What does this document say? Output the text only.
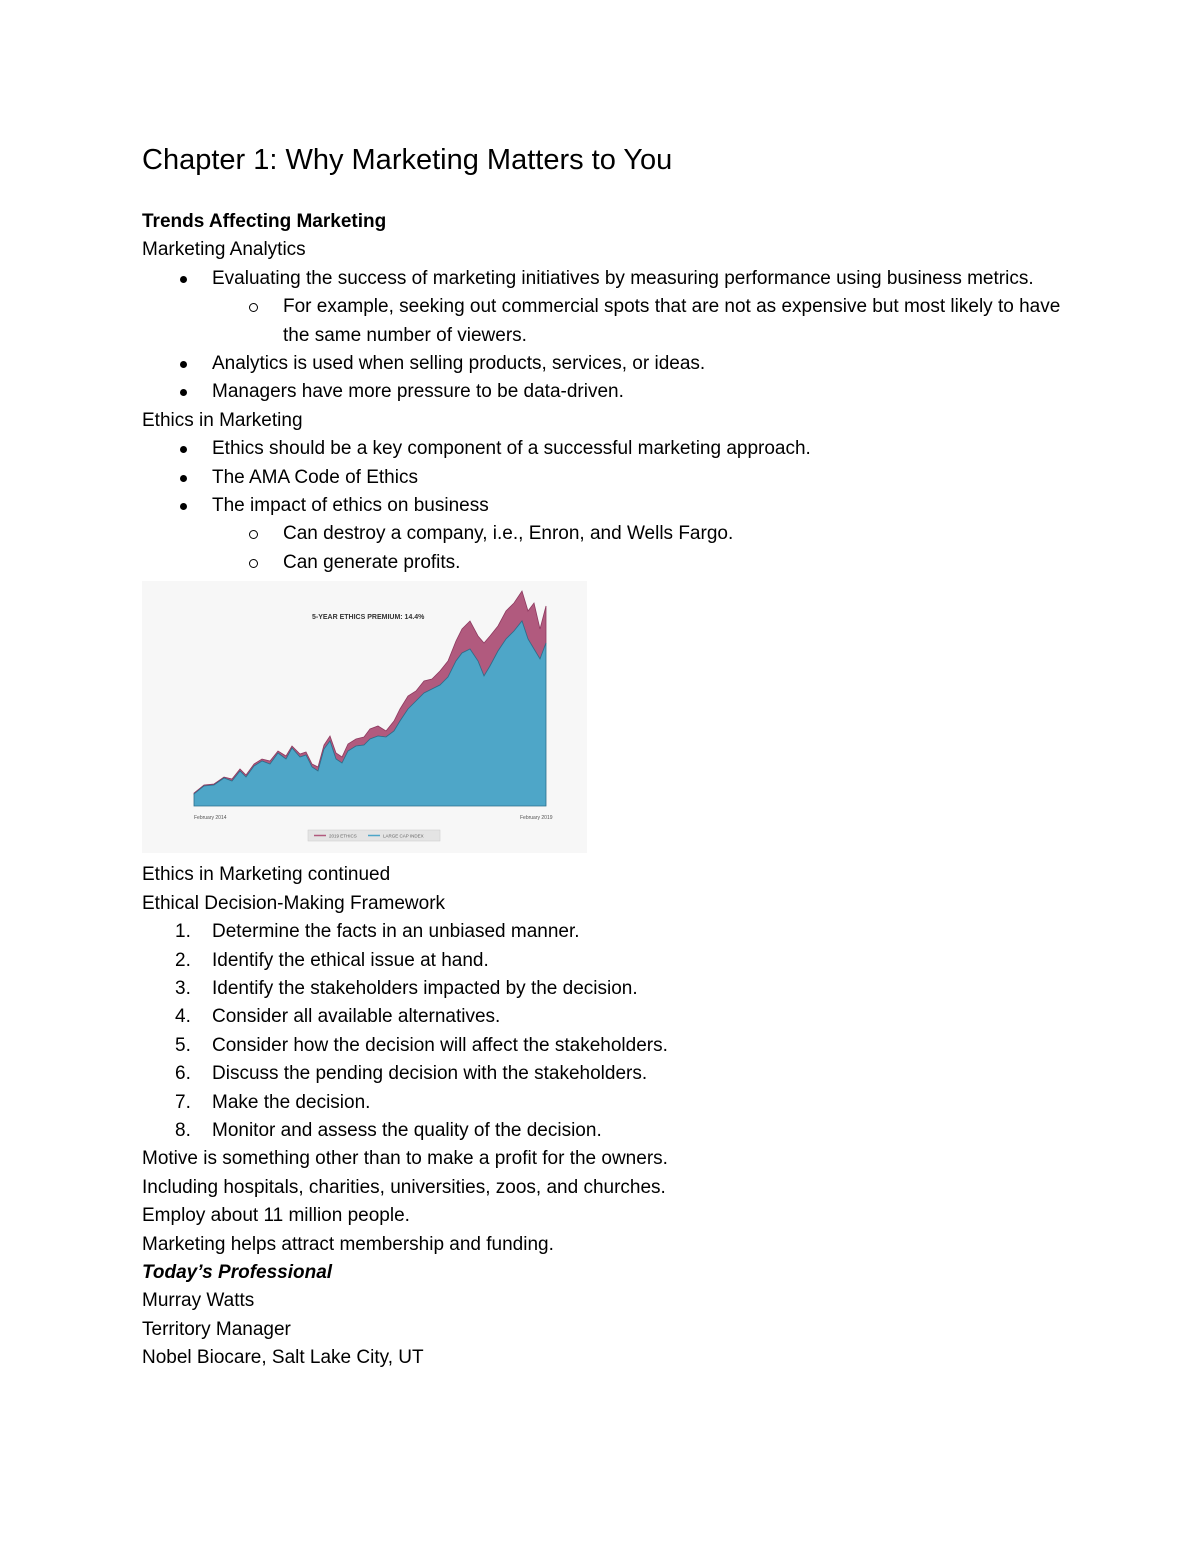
Chapter 1: Why Marketing Matters to You

Trends Affecting Marketing

Marketing Analytics

Evaluating the success of marketing initiatives by measuring performance using business metrics.
For example, seeking out commercial spots that are not as expensive but most likely to have the same number of viewers.
Analytics is used when selling products, services, or ideas.
Managers have more pressure to be data-driven.

Ethics in Marketing

Ethics should be a key component of a successful marketing approach.
The AMA Code of Ethics
The impact of ethics on business
Can destroy a company, i.e., Enron, and Wells Fargo.
Can generate profits.
5-YEAR ETHICS PREMIUM: 14.4%
February 2014	February 2019
2019 ETHICS	LARGE CAP INDEX

Ethics in Marketing continued

Ethical Decision-Making Framework

1. Determine the facts in an unbiased manner.
2. Identify the ethical issue at hand.
3. Identify the stakeholders impacted by the decision.
4. Consider all available alternatives.
5. Consider how the decision will affect the stakeholders.
6. Discuss the pending decision with the stakeholders.
7. Make the decision.
8. Monitor and assess the quality of the decision.

Motive is something other than to make a profit for the owners.

Including hospitals, charities, universities, zoos, and churches.

Employ about 11 million people.

Marketing helps attract membership and funding.

Today’s Professional

Murray Watts

Territory Manager

Nobel Biocare, Salt Lake City, UT
